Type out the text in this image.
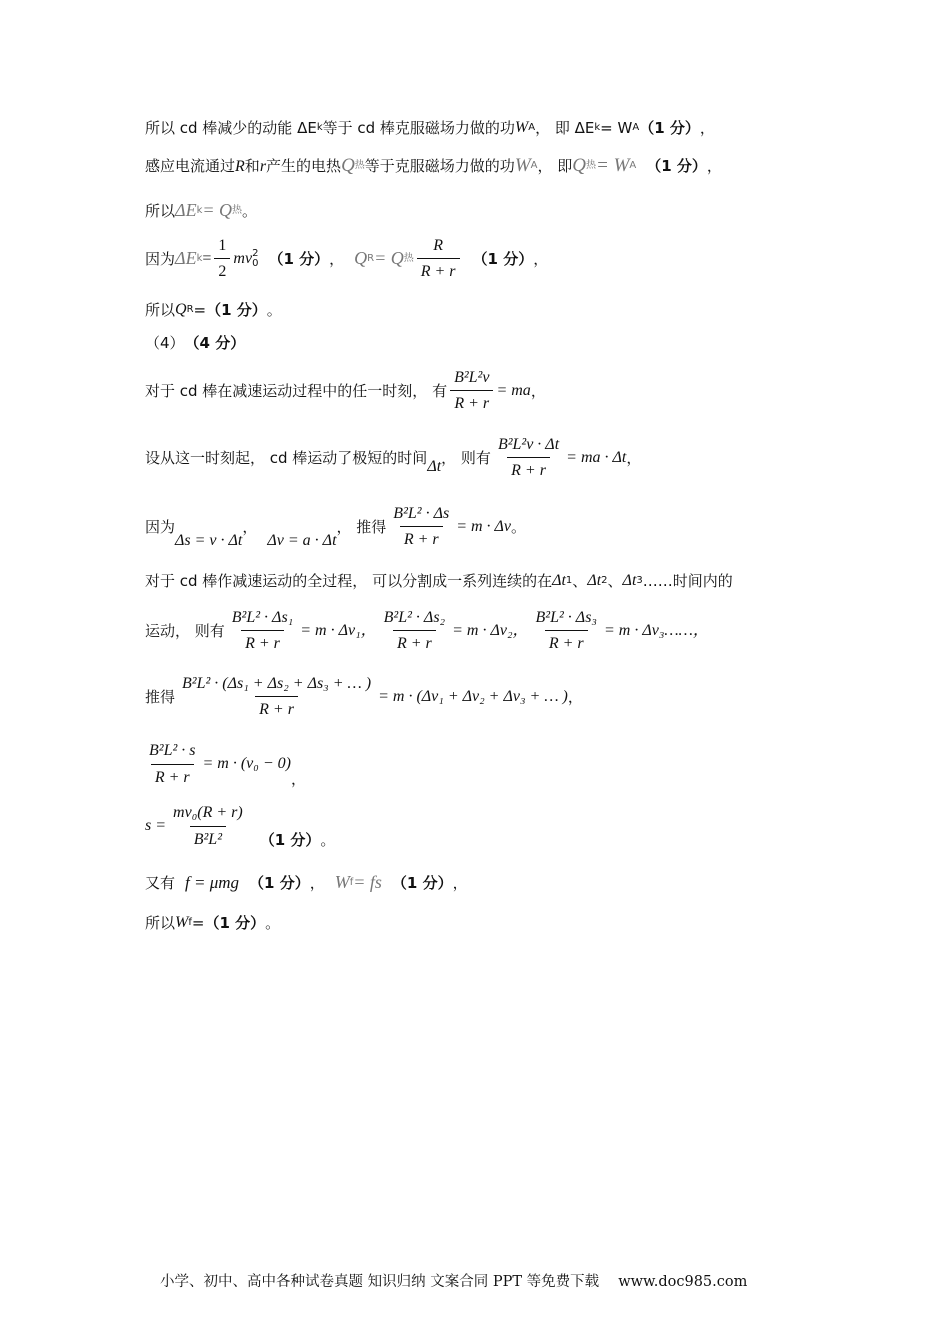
所以 cd 棒减少的动能 ΔE k 等于 cd 棒克服磁场力做的功 W A ， 即 ΔE k = W A （1 分） ，
感应电流通过 R 和 r 产生的电热 Q 热 等于克服磁场力做的功 W A ， 即 Q 热 = W A （1 分） ，
所以 ΔE k = Q 热 。
因为 ΔE $k = \frac{1}{2}$ mv 2
0 （1 分） ， Q R = Q 热 $\frac{R}{R + r} (1$ 分） ，
所以 Q R = （1 分） 。
（4） （4 分）
对于 cd 棒在减速运动过程中的任一时刻， 有 $\frac{\text{B²L²v}}{R + r}$ = ma ，
设从这一时刻起， cd 棒运动了极短的时间 Δt ， 则有 $\frac{\text{B²L²v · Δt}}{R + r}$ = ma · Δt ，
因为
Δs = v · Δt
，
Δv = a · Δt
， 推得 $\frac{\text{B²L² · Δs}}{R + r} = m \cdot \Delta v$ 。
对于 cd 棒作减速运动的全过程， 可以分割成一系列连续的在 Δt 1 、 Δt 2 、 Δt 3 ……时间内的
运动， 则有 $\frac{\text{B²L² · Δs₁}}{R + r} = m \cdot \Delta v_1$， $\frac{\text{B²L² · Δs₂}}{R + r} = m \cdot \Delta v_2$， $\frac{\text{B²L² · Δs₃}}{R + r} = m$ · Δv₃……，
推得 $\frac{\text{B²L² · (Δs₁ + Δs₂ + Δs₃ + … )}}{R + r} = m \cdot (\Delta v_1 + \Delta v_2 + \Delta v_3$ + … ) ，
$\frac{\text{B²L² · s}}{R + r} = m \cdot (v_0 - 0)$
，
$s = \frac{\text{mv₀(R + r)}}{\text{B²L²}} (1$ 分） 。
又有 f = μmg （1 分） ， W f = fs （1 分） ，
所以 W f = （1 分） 。
小学、初中、高中各种试卷真题 知识归纳 文案合同 PPT 等免费下载　 www.doc985.com
